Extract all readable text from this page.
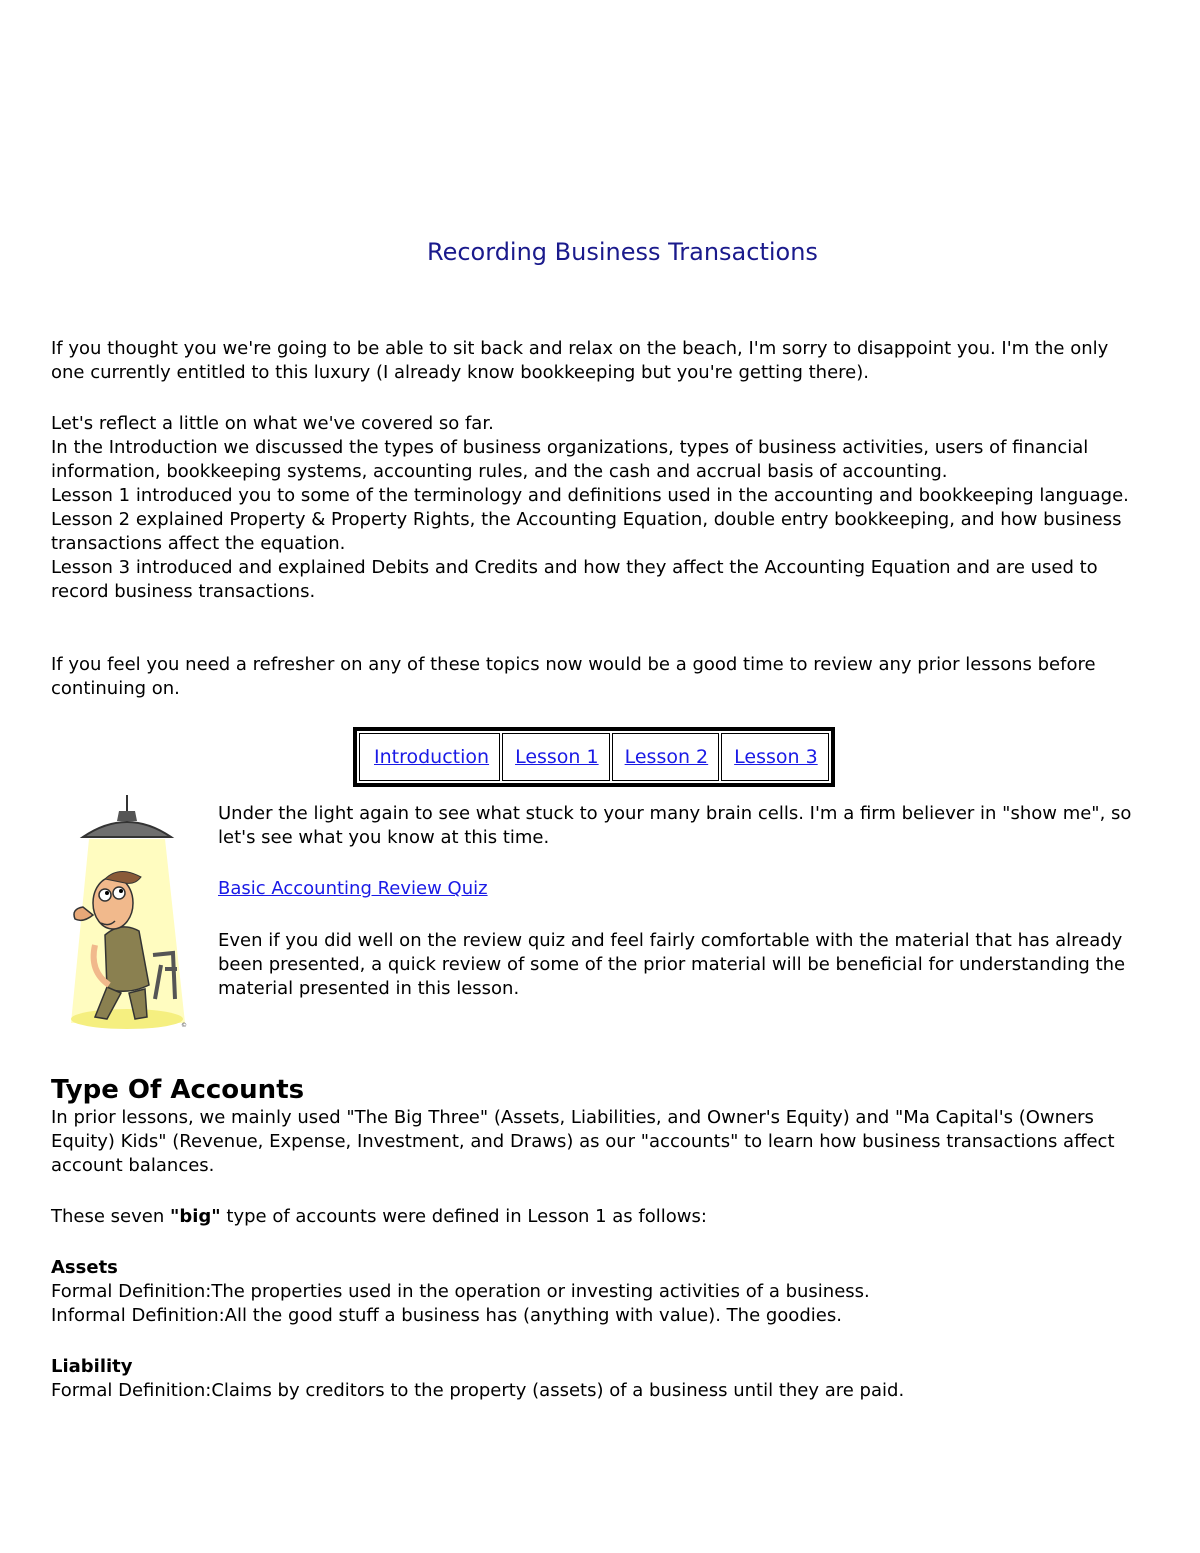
Recording Business Transactions

If you thought you we're going to be able to sit back and relax on the beach, I'm sorry to disappoint you. I'm the only one currently entitled to this luxury (I already know bookkeeping but you're getting there).

Let's reflect a little on what we've covered so far.

In the Introduction we discussed the types of business organizations, types of business activities, users of financial information, bookkeeping systems, accounting rules, and the cash and accrual basis of accounting.

Lesson 1 introduced you to some of the terminology and definitions used in the accounting and bookkeeping language.

Lesson 2 explained Property & Property Rights, the Accounting Equation, double entry bookkeeping, and how business transactions affect the equation.

Lesson 3 introduced and explained Debits and Credits and how they affect the Accounting Equation and are used to record business transactions.

If you feel you need a refresher on any of these topics now would be a good time to review any prior lessons before continuing on.

Introduction	Lesson 1	Lesson 2	Lesson 3
©

Under the light again to see what stuck to your many brain cells. I'm a firm believer in "show me", so let's see what you know at this time.

Basic Accounting Review Quiz

Even if you did well on the review quiz and feel fairly comfortable with the material that has already been presented, a quick review of some of the prior material will be beneficial for understanding the material presented in this lesson.

Type Of Accounts

In prior lessons, we mainly used "The Big Three" (Assets, Liabilities, and Owner's Equity) and "Ma Capital's (Owners Equity) Kids" (Revenue, Expense, Investment, and Draws) as our "accounts" to learn how business transactions affect account balances.

These seven "big" type of accounts were defined in Lesson 1 as follows:

Assets

Formal Definition:The properties used in the operation or investing activities of a business.

Informal Definition:All the good stuff a business has (anything with value). The goodies.

Liability

Formal Definition:Claims by creditors to the property (assets) of a business until they are paid.
